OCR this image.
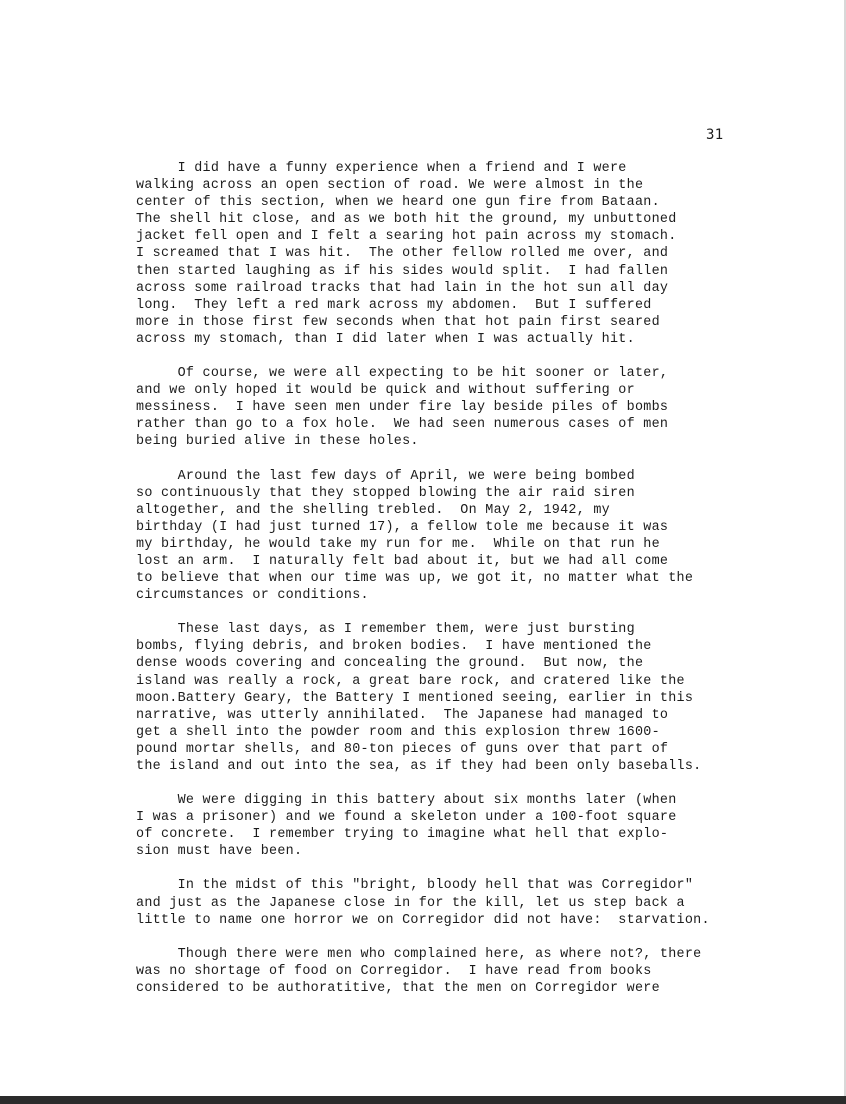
31
I did have a funny experience when a friend and I were
walking across an open section of road. We were almost in the
center of this section, when we heard one gun fire from Bataan.
The shell hit close, and as we both hit the ground, my unbuttoned
jacket fell open and I felt a searing hot pain across my stomach.
I screamed that I was hit.  The other fellow rolled me over, and
then started laughing as if his sides would split.  I had fallen
across some railroad tracks that had lain in the hot sun all day
long.  They left a red mark across my abdomen.  But I suffered
more in those first few seconds when that hot pain first seared
across my stomach, than I did later when I was actually hit.
Of course, we were all expecting to be hit sooner or later,
and we only hoped it would be quick and without suffering or
messiness.  I have seen men under fire lay beside piles of bombs
rather than go to a fox hole.  We had seen numerous cases of men
being buried alive in these holes.
Around the last few days of April, we were being bombed
so continuously that they stopped blowing the air raid siren
altogether, and the shelling trebled.  On May 2, 1942, my
birthday (I had just turned 17), a fellow tole me because it was
my birthday, he would take my run for me.  While on that run he
lost an arm.  I naturally felt bad about it, but we had all come
to believe that when our time was up, we got it, no matter what the
circumstances or conditions.
These last days, as I remember them, were just bursting
bombs, flying debris, and broken bodies.  I have mentioned the
dense woods covering and concealing the ground.  But now, the
island was really a rock, a great bare rock, and cratered like the
moon.Battery Geary, the Battery I mentioned seeing, earlier in this
narrative, was utterly annihilated.  The Japanese had managed to
get a shell into the powder room and this explosion threw 1600-
pound mortar shells, and 80-ton pieces of guns over that part of
the island and out into the sea, as if they had been only baseballs.
We were digging in this battery about six months later (when
I was a prisoner) and we found a skeleton under a 100-foot square
of concrete.  I remember trying to imagine what hell that explo-
sion must have been.
In the midst of this "bright, bloody hell that was Corregidor"
and just as the Japanese close in for the kill, let us step back a
little to name one horror we on Corregidor did not have:  starvation.
Though there were men who complained here, as where not?, there
was no shortage of food on Corregidor.  I have read from books
considered to be authoratitive, that the men on Corregidor were
